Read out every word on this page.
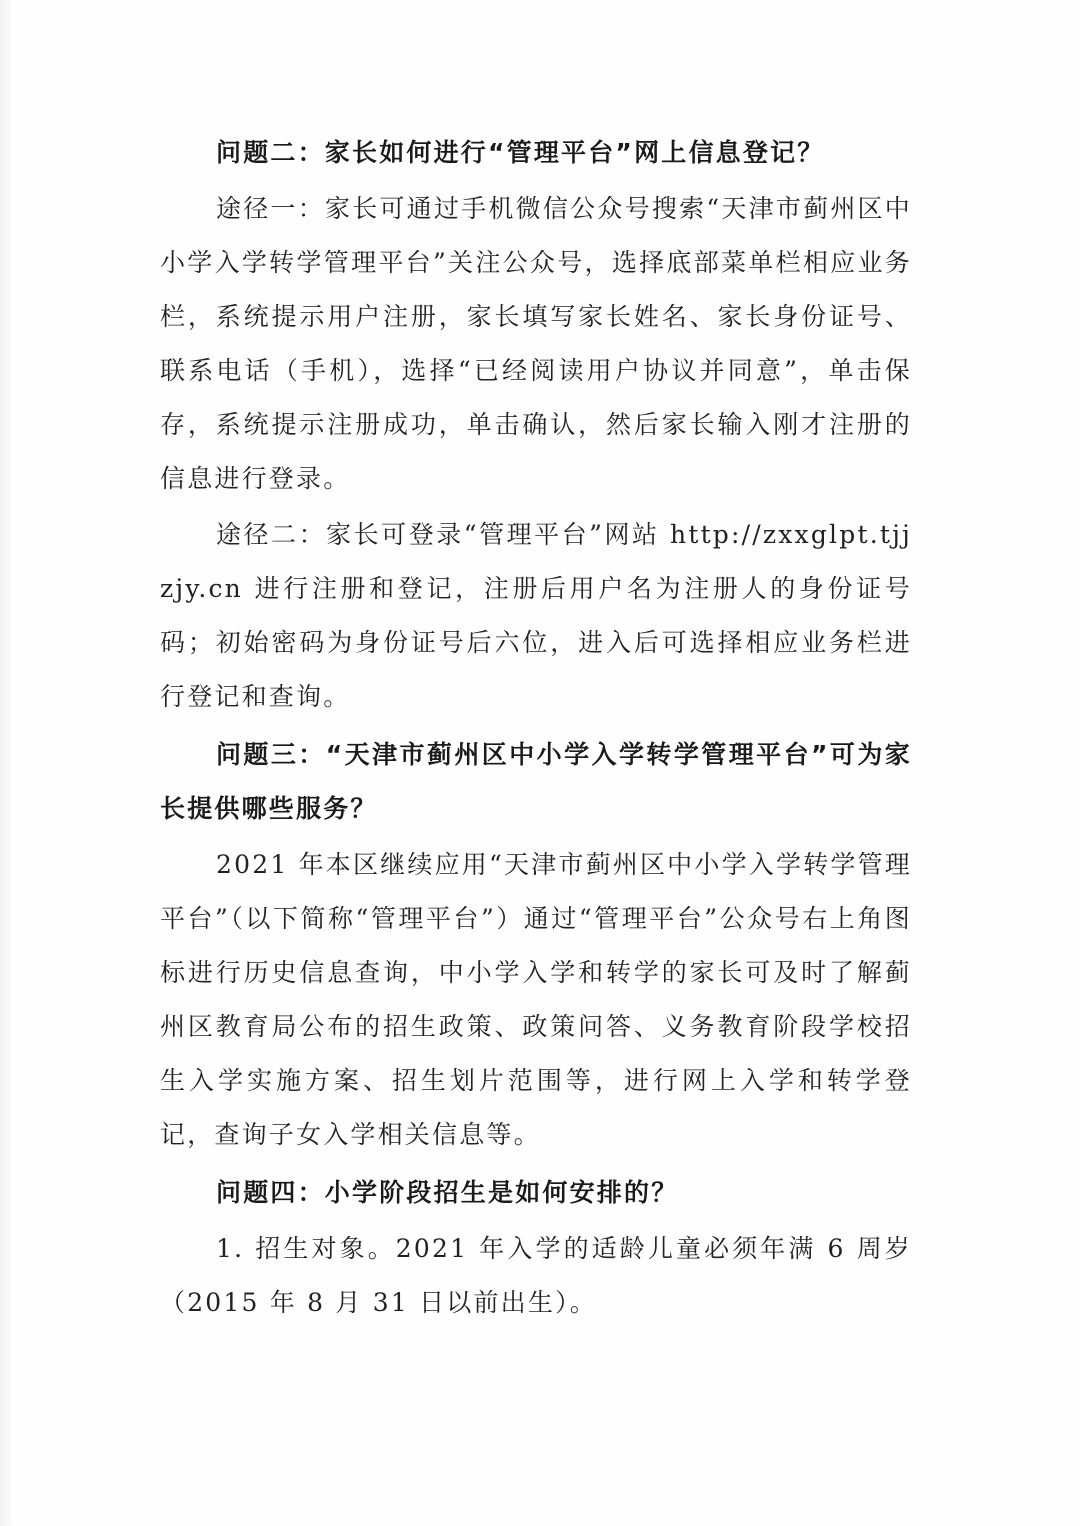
问题二：家长如何进行“管理平台”网上信息登记？

途径一：家长可通过手机微信公众号搜索“天津市蓟州区中小学入学转学管理平台”关注公众号，选择底部菜单栏相应业务栏，系统提示用户注册，家长填写家长姓名、家长身份证号、联系电话（手机），选择“已经阅读用户协议并同意”，单击保存，系统提示注册成功，单击确认，然后家长输入刚才注册的信息进行登录。

途径二：家长可登录“管理平台”网站 http://zxxglpt.tjjzjy.cn 进行注册和登记，注册后用户名为注册人的身份证号码；初始密码为身份证号后六位，进入后可选择相应业务栏进行登记和查询。

问题三：“天津市蓟州区中小学入学转学管理平台”可为家长提供哪些服务？

2021 年本区继续应用“天津市蓟州区中小学入学转学管理平台”（以下简称“管理平台”）通过“管理平台”公众号右上角图标进行历史信息查询，中小学入学和转学的家长可及时了解蓟州区教育局公布的招生政策、政策问答、义务教育阶段学校招生入学实施方案、招生划片范围等，进行网上入学和转学登记，查询子女入学相关信息等。

问题四：小学阶段招生是如何安排的？

1. 招生对象。2021 年入学的适龄儿童必须年满 6 周岁（2015 年 8 月 31 日以前出生）。
